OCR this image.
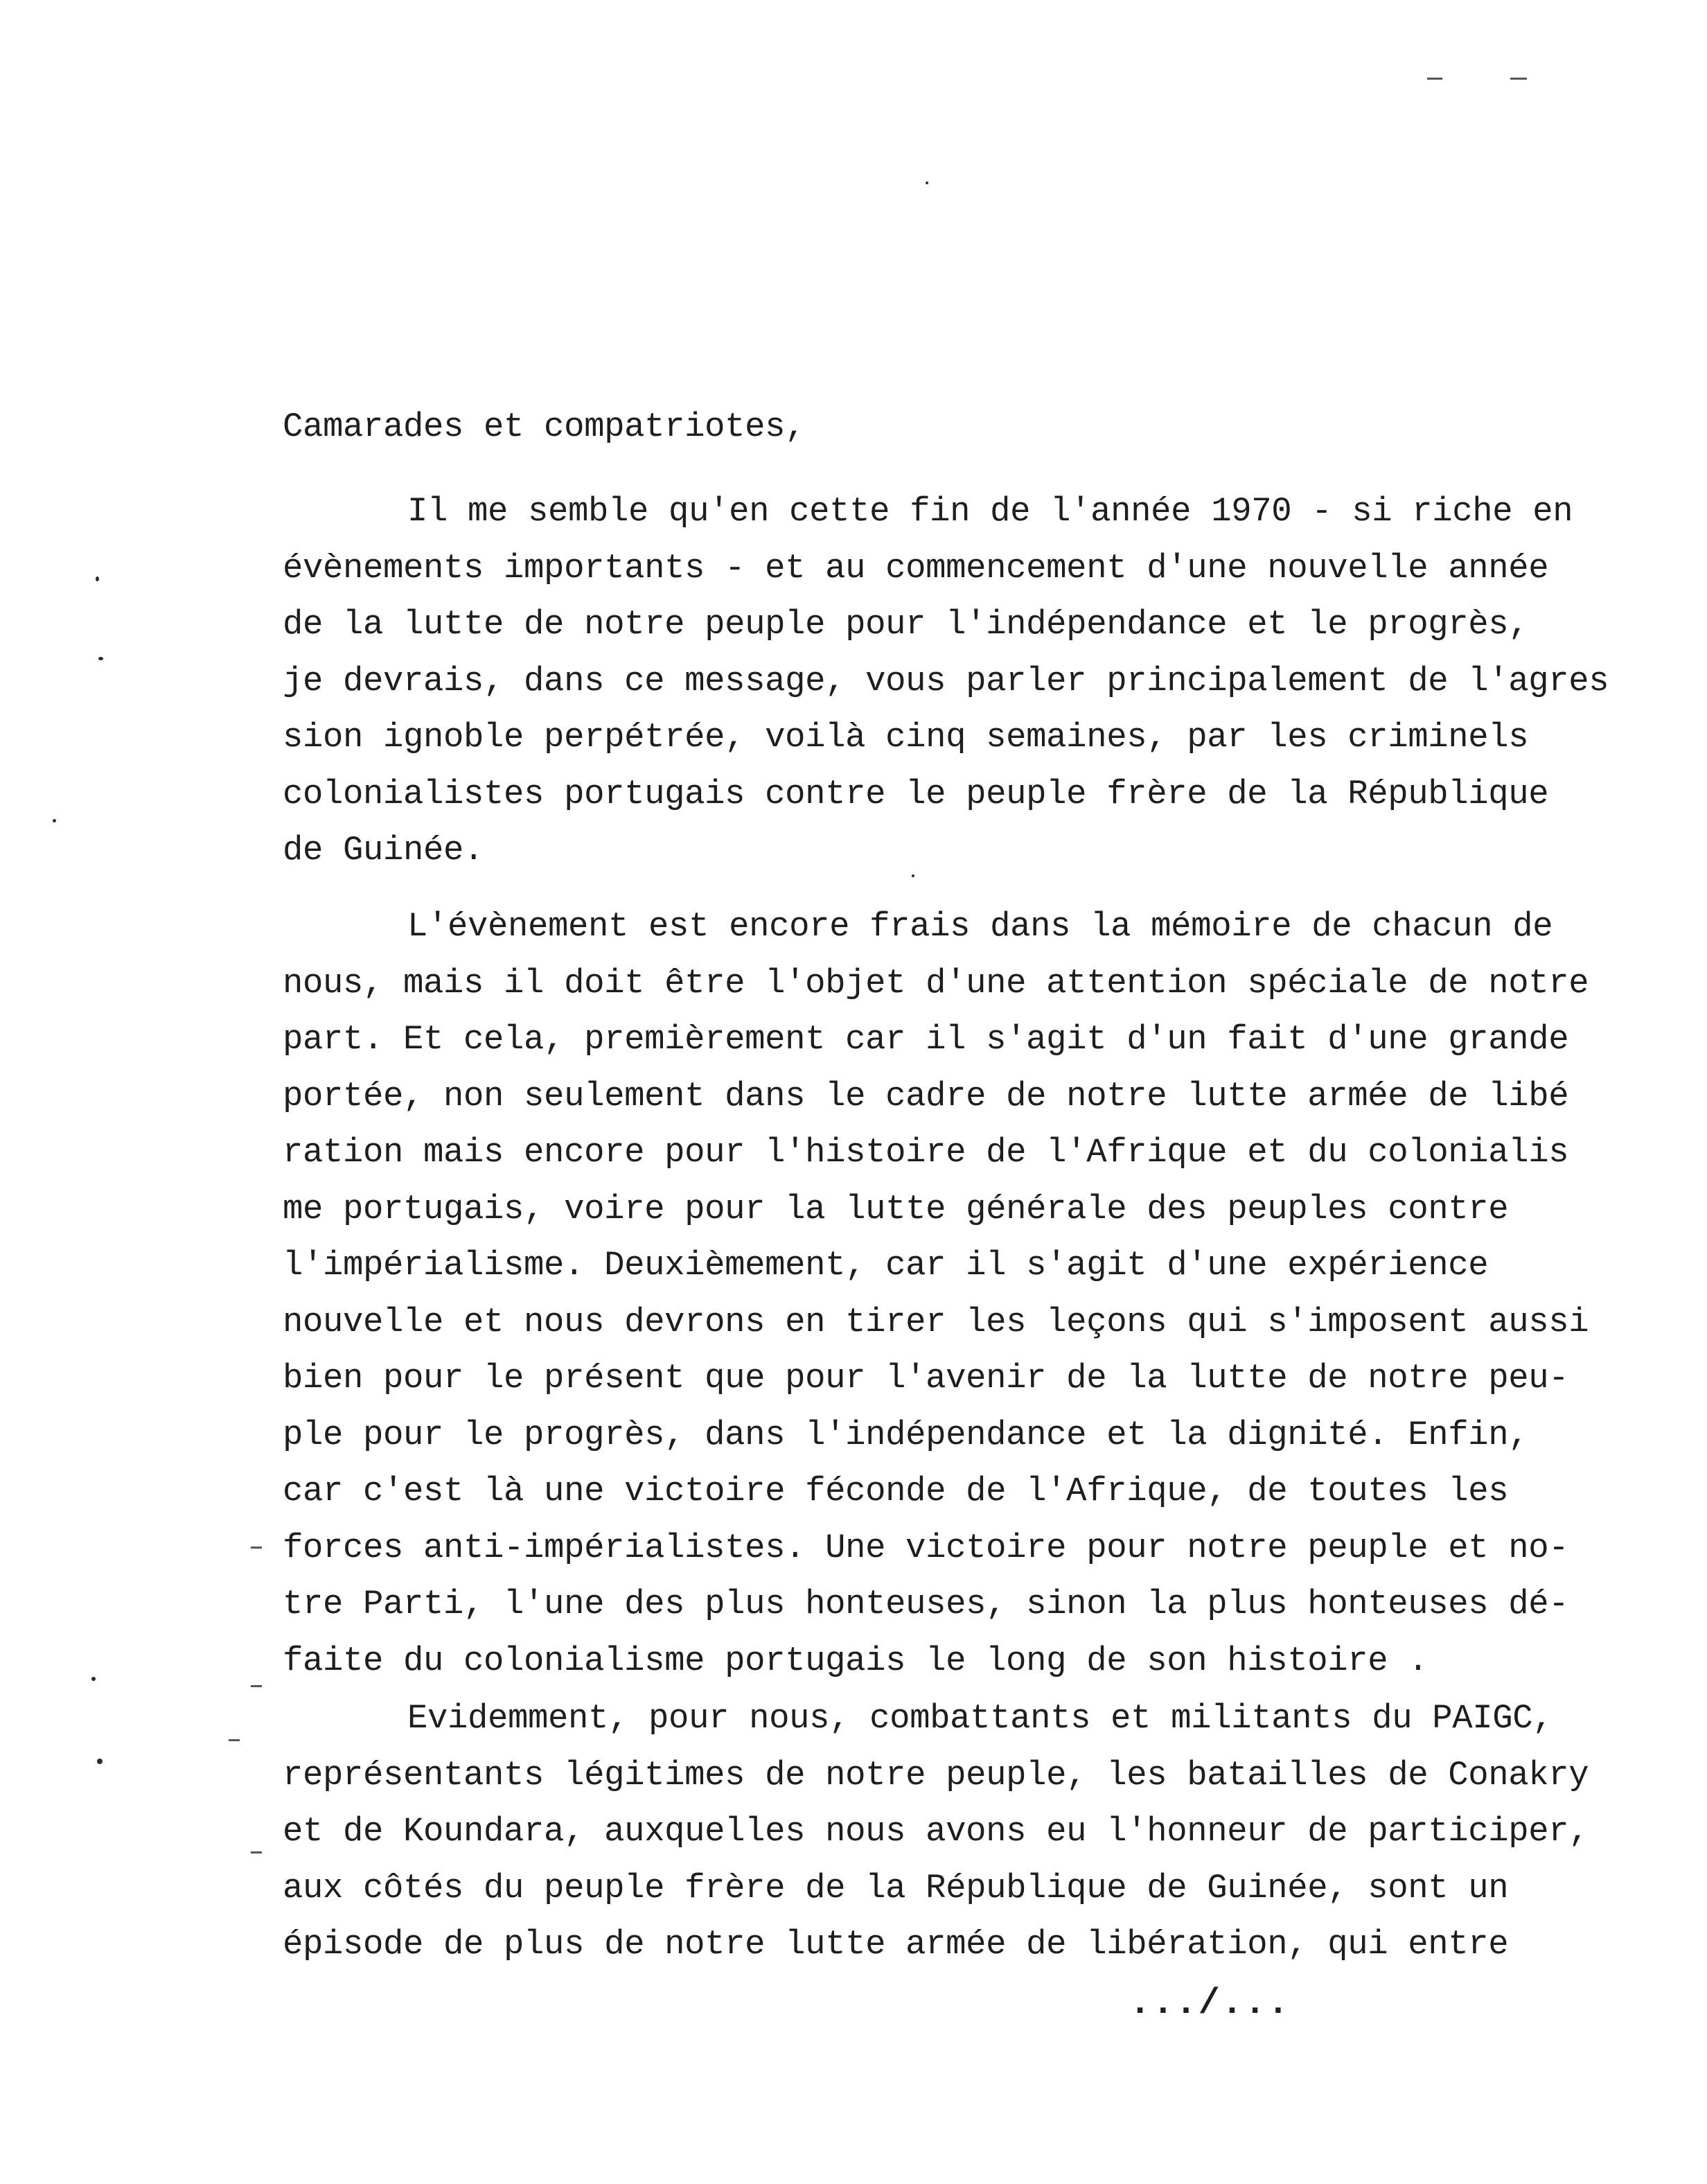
Camarades et compatriotes,
Il me semble qu'en cette fin de l'année 1970 - si riche en
évènements importants - et au commencement d'une nouvelle année
de la lutte de notre peuple pour l'indépendance et le progrès,
je devrais, dans ce message, vous parler principalement de l'agres
sion ignoble perpétrée, voilà cinq semaines, par les criminels
colonialistes portugais contre le peuple frère de la République
de Guinée.
L'évènement est encore frais dans la mémoire de chacun de
nous, mais il doit être l'objet d'une attention spéciale de notre
part. Et cela, premièrement car il s'agit d'un fait d'une grande
portée, non seulement dans le cadre de notre lutte armée de libé
ration mais encore pour l'histoire de l'Afrique et du colonialis
me portugais, voire pour la lutte générale des peuples contre
l'impérialisme. Deuxièmement, car il s'agit d'une expérience
nouvelle et nous devrons en tirer les leçons qui s'imposent aussi
bien pour le présent que pour l'avenir de la lutte de notre peu-
ple pour le progrès, dans l'indépendance et la dignité. Enfin,
car c'est là une victoire féconde de l'Afrique, de toutes les
forces anti-impérialistes. Une victoire pour notre peuple et no-
tre Parti, l'une des plus honteuses, sinon la plus honteuses dé-
faite du colonialisme portugais le long de son histoire .
Evidemment, pour nous, combattants et militants du PAIGC,
représentants légitimes de notre peuple, les batailles de Conakry
et de Koundara, auxquelles nous avons eu l'honneur de participer,
aux côtés du peuple frère de la République de Guinée, sont un
épisode de plus de notre lutte armée de libération, qui entre
.../...
